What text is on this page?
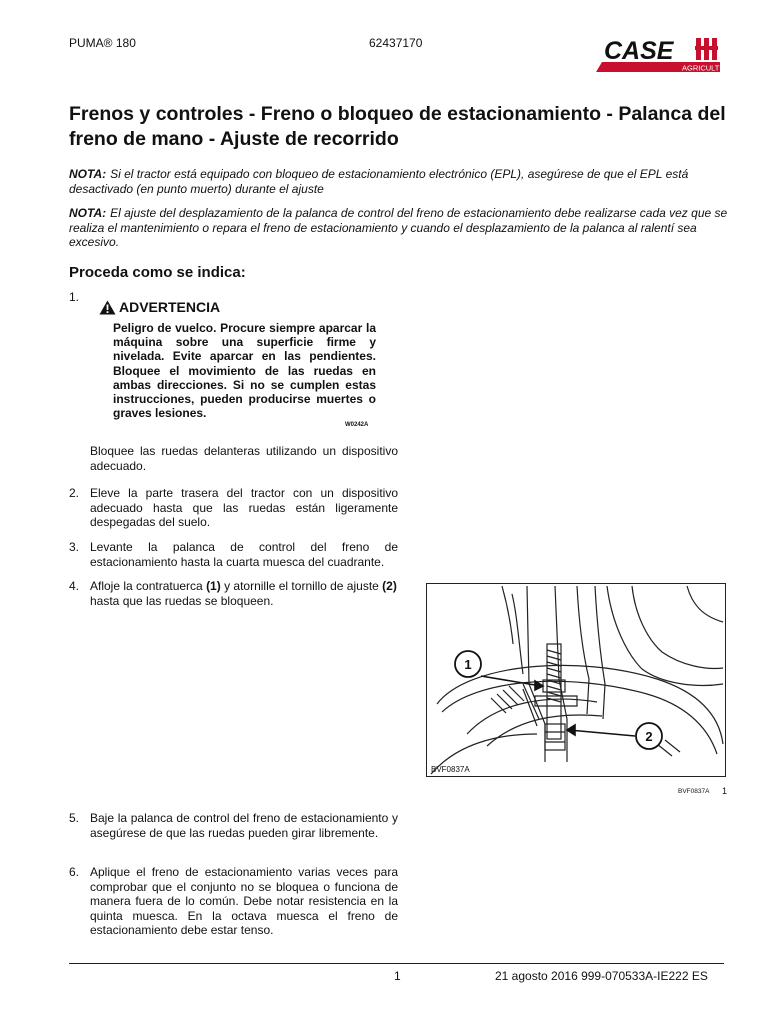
PUMA® 180	62437170	CASE
AGRICULTURE
Frenos y controles - Freno o bloqueo de estacionamiento - Palanca del freno de mano - Ajuste de recorrido

NOTA: Si el tractor está equipado con bloqueo de estacionamiento electrónico (EPL), asegúrese de que el EPL está desactivado (en punto muerto) durante el ajuste

NOTA: El ajuste del desplazamiento de la palanca de control del freno de estacionamiento debe realizarse cada vez que se realiza el mantenimiento o repara el freno de estacionamiento y cuando el desplazamiento de la palanca al ralentí sea excesivo.

Proceda como se indica:
1.
ADVERTENCIA

Peligro de vuelco. Procure siempre aparcar la máquina sobre una superficie firme y nivelada. Evite aparcar en las pendientes. Bloquee el movimiento de las ruedas en ambas direcciones. Si no se cumplen estas instrucciones, pueden producirse muertes o graves lesiones.

W0242A

Bloquee las ruedas delanteras utilizando un dispositivo adecuado.

2. Eleve la parte trasera del tractor con un dispositivo adecuado hasta que las ruedas están ligeramente despegadas del suelo.

3. Levante la palanca de control del freno de estacionamiento hasta la cuarta muesca del cuadrante.

4. Afloje la contratuerca (1) y atornille el tornillo de ajuste (2) hasta que las ruedas se bloqueen.

1
2
BVF0837A
BVF0837A 1
5. Baje la palanca de control del freno de estacionamiento y asegúrese de que las ruedas pueden girar libremente.

6. Aplique el freno de estacionamiento varias veces para comprobar que el conjunto no se bloquea o funciona de manera fuera de lo común. Debe notar resistencia en la quinta muesca. En la octava muesca el freno de estacionamiento debe estar tenso.

1	21 agosto 2016 999-070533A-IE222 ES
